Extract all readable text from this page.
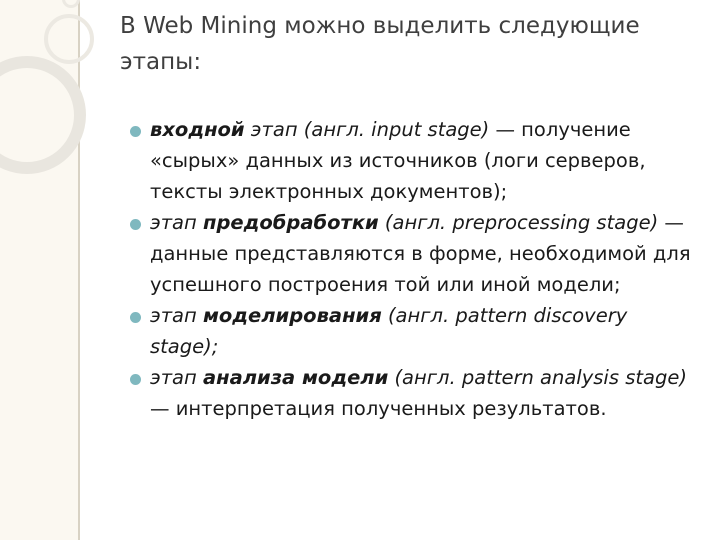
В Web Mining можно выделить следующие этапы:
входной этап (англ. input stage) — получение «сырых» данных из источников (логи серверов, тексты электронных документов);
этап предобработки (англ. preprocessing stage) — данные представляются в форме, необходимой для успешного построения той или иной модели;
этап моделирования (англ. pattern discovery stage);
этап анализа модели (англ. pattern analysis stage) — интерпретация полученных результатов.
